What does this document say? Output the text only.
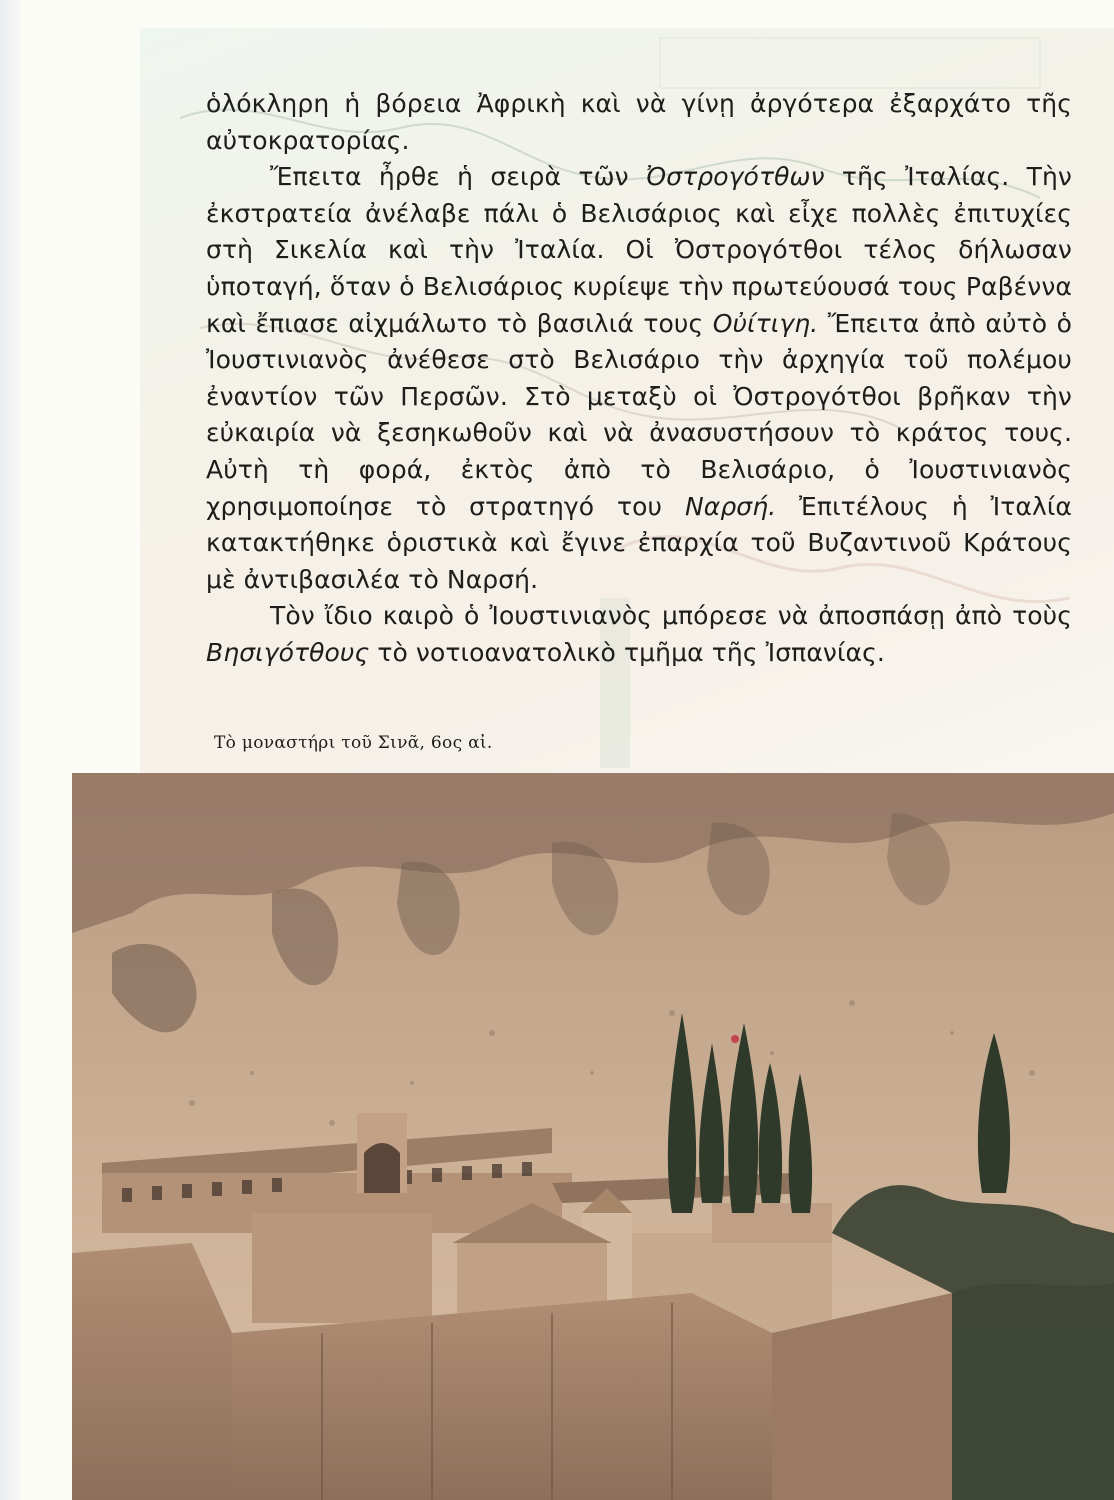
ὁλόκληρη ἡ βόρεια Ἀφρικὴ καὶ νὰ γίνῃ ἀργότερα ἐξαρχάτο τῆς αὐτοκρατορίας.

Ἔπειτα ἦρθε ἡ σειρὰ τῶν Ὀστρογότθων τῆς Ἰταλίας. Τὴν ἐκστρατεία ἀνέλαβε πάλι ὁ Βελισάριος καὶ εἶχε πολλὲς ἐπιτυχίες στὴ Σικελία καὶ τὴν Ἰταλία. Οἱ Ὀστρογότθοι τέλος δήλωσαν ὑποταγή, ὅταν ὁ Βελισάριος κυρίεψε τὴν πρωτεύουσά τους Ραβέννα καὶ ἔπιασε αἰχμάλωτο τὸ βασιλιά τους Οὐίτιγη. Ἔπειτα ἀπὸ αὐτὸ ὁ Ἰουστινιανὸς ἀνέθεσε στὸ Βελισάριο τὴν ἀρχηγία τοῦ πολέμου ἐναντίον τῶν Περσῶν. Στὸ μεταξὺ οἱ Ὀστρογότθοι βρῆκαν τὴν εὐκαιρία νὰ ξεσηκωθοῦν καὶ νὰ ἀνασυστήσουν τὸ κράτος τους. Αὐτὴ τὴ φορά, ἐκτὸς ἀπὸ τὸ Βελισάριο, ὁ Ἰουστινιανὸς χρησιμοποίησε τὸ στρατηγό του Ναρσή. Ἐπιτέλους ἡ Ἰταλία κατακτήθηκε ὁριστικὰ καὶ ἔγινε ἐπαρχία τοῦ Βυζαντινοῦ Κράτους μὲ ἀντιβασιλέα τὸ Ναρσή.

Τὸν ἴδιο καιρὸ ὁ Ἰουστινιανὸς μπόρεσε νὰ ἀποσπάσῃ ἀπὸ τοὺς Βησιγότθους τὸ νοτιοανατολικὸ τμῆμα τῆς Ἰσπανίας.

Τὸ μοναστήρι τοῦ Σινᾶ, 6ος αἰ.
